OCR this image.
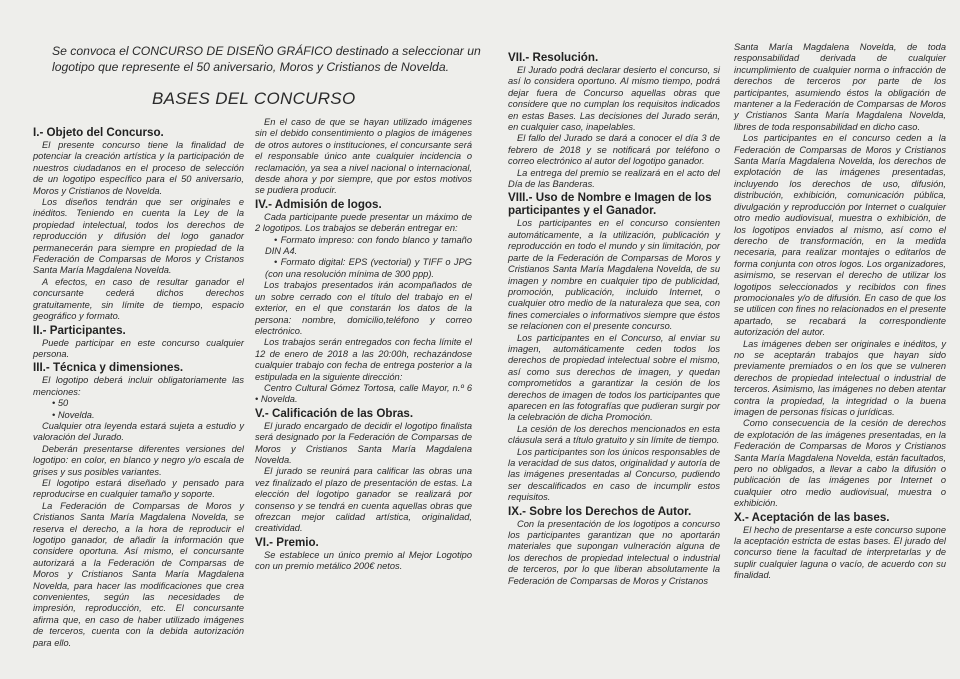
Se convoca el CONCURSO DE DISEÑO GRÁFICO destinado a seleccionar un logotipo que represente el 50 aniversario, Moros y Cristianos de Novelda.
BASES DEL CONCURSO
I.- Objeto del Concurso.
El presente concurso tiene la finalidad de potenciar la creación artística y la participación de nuestros ciudadanos en el proceso de selección de un logotipo específico para el 50 aniversario, Moros y Cristianos de Novelda.
Los diseños tendrán que ser originales e inéditos. Teniendo en cuenta la Ley de la propiedad intelectual, todos los derechos de reproducción y difusión del logo ganador permanecerán para siempre en propiedad de la Federación de Comparsas de Moros y Cristanos Santa María Magdalena Novelda.
A efectos, en caso de resultar ganador el concursante cederá dichos derechos gratuitamente, sin límite de tiempo, espacio geográfico y formato.
II.- Participantes.
Puede participar en este concurso cualquier persona.
III.- Técnica y dimensiones.
El logotipo deberá incluir obligatoriamente las menciones:
• 50
• Novelda.
Cualquier otra leyenda estará sujeta a estudio y valoración del Jurado.
Deberán presentarse diferentes versiones del logotipo: en color, en blanco y negro y/o escala de grises y sus posibles variantes.
El logotipo estará diseñado y pensado para reproducirse en cualquier tamaño y soporte.
La Federación de Comparsas de Moros y Cristianos Santa María Magdalena Novelda, se reserva el derecho, a la hora de reproducir el logotipo ganador, de añadir la información que considere oportuna. Así mismo, el concursante autorizará a la Federación de Comparsas de Moros y Cristianos Santa María Magdalena Novelda, para hacer las modificaciones que crea convenientes, según las necesidades de impresión, reproducción, etc. El concursante afirma que, en caso de haber utilizado imágenes de terceros, cuenta con la debida autorización para ello.
En el caso de que se hayan utilizado imágenes sin el debido consentimiento o plagios de imágenes de otros autores o instituciones, el concursante será el responsable único ante cualquier incidencia o reclamación, ya sea a nivel nacional o internacional, desde ahora y por siempre, que por estos motivos se pudiera producir.
IV.- Admisión de logos.
Cada participante puede presentar un máximo de 2 logotipos. Los trabajos se deberán entregar en:
• Formato impreso: con fondo blanco y tamaño DIN A4.
• Formato digital: EPS (vectorial) y TIFF o JPG (con una resolución mínima de 300 ppp).
Los trabajos presentados irán acompañados de un sobre cerrado con el título del trabajo en el exterior, en el que constarán los datos de la persona: nombre, domicilio,teléfono y correo electrónico.
Los trabajos serán entregados con fecha límite el 12 de enero de 2018 a las 20:00h, rechazándose cualquier trabajo con fecha de entrega posterior a la estipulada en la siguiente dirección:
Centro Cultural Gómez Tortosa, calle Mayor, n.º 6 • Novelda.
V.- Calificación de las Obras.
El jurado encargado de decidir el logotipo finalista será designado por la Federación de Comparsas de Moros y Cristianos Santa María Magdalena Novelda.
El jurado se reunirá para calificar las obras una vez finalizado el plazo de presentación de estas. La elección del logotipo ganador se realizará por consenso y se tendrá en cuenta aquellas obras que ofrezcan mejor calidad artística, originalidad, creatividad.
VI.- Premio.
Se establece un único premio al Mejor Logotipo con un premio metálico 200€ netos.
VII.- Resolución.
El Jurado podrá declarar desierto el concurso, si así lo considera oportuno. Al mismo tiempo, podrá dejar fuera de Concurso aquellas obras que considere que no cumplan los requisitos indicados en estas Bases. Las decisiones del Jurado serán, en cualquier caso, inapelables.
El fallo del Jurado se dará a conocer el día 3 de febrero de 2018 y se notificará por teléfono o correo electrónico al autor del logotipo ganador.
La entrega del premio se realizará en el acto del Día de las Banderas.
VIII.- Uso de Nombre e Imagen de los participantes y el Ganador.
Los participantes en el concurso consienten automáticamente, a la utilización, publicación y reproducción en todo el mundo y sin limitación, por parte de la Federación de Comparsas de Moros y Cristianos Santa María Magdalena Novelda, de su imagen y nombre en cualquier tipo de publicidad, promoción, publicación, incluido Internet, o cualquier otro medio de la naturaleza que sea, con fines comerciales o informativos siempre que éstos se relacionen con el presente concurso.
Los participantes en el Concurso, al enviar su imagen, automáticamente ceden todos los derechos de propiedad intelectual sobre el mismo, así como sus derechos de imagen, y quedan comprometidos a garantizar la cesión de los derechos de imagen de todos los participantes que aparecen en las fotografías que pudieran surgir por la celebración de dicha Promoción.
La cesión de los derechos mencionados en esta cláusula será a título gratuito y sin límite de tiempo.
Los participantes son los únicos responsables de la veracidad de sus datos, originalidad y autoría de las imágenes presentadas al Concurso, pudiendo ser descalificados en caso de incumplir estos requisitos.
IX.- Sobre los Derechos de Autor.
Con la presentación de los logotipos a concurso los participantes garantizan que no aportarán materiales que supongan vulneración alguna de los derechos de propiedad intelectual o industrial de terceros, por lo que liberan absolutamente la Federación de Comparsas de Moros y Cristanos
Santa María Magdalena Novelda, de toda responsabilidad derivada de cualquier incumplimiento de cualquier norma o infracción de derechos de terceros por parte de los participantes, asumiendo éstos la obligación de mantener a la Federación de Comparsas de Moros y Cristianos Santa María Magdalena Novelda, libres de toda responsabilidad en dicho caso.
Los participantes en el concurso ceden a la Federación de Comparsas de Moros y Cristianos Santa María Magdalena Novelda, los derechos de explotación de las imágenes presentadas, incluyendo los derechos de uso, difusión, distribución, exhibición, comunicación pública, divulgación y reproducción por Internet o cualquier otro medio audiovisual, muestra o exhibición, de los logotipos enviados al mismo, así como el derecho de transformación, en la medida necesaria, para realizar montajes o editarlos de forma conjunta con otros logos. Los organizadores, asimismo, se reservan el derecho de utilizar los logotipos seleccionados y recibidos con fines promocionales y/o de difusión. En caso de que los se utilicen con fines no relacionados en el presente apartado, se recabará la correspondiente autorización del autor.
Las imágenes deben ser originales e inéditos, y no se aceptarán trabajos que hayan sido previamente premiados o en los que se vulneren derechos de propiedad intelectual o industrial de terceros. Asimismo, las imágenes no deben atentar contra la propiedad, la integridad o la buena imagen de personas físicas o jurídicas.
Como consecuencia de la cesión de derechos de explotación de las imágenes presentadas, en la Federación de Comparsas de Moros y Cristianos Santa María Magdalena Novelda, están facultados, pero no obligados, a llevar a cabo la difusión o publicación de las imágenes por Internet o cualquier otro medio audiovisual, muestra o exhibición.
X.- Aceptación de las bases.
El hecho de presentarse a este concurso supone la aceptación estricta de estas bases. El jurado del concurso tiene la facultad de interpretarlas y de suplir cualquier laguna o vacío, de acuerdo con su finalidad.
